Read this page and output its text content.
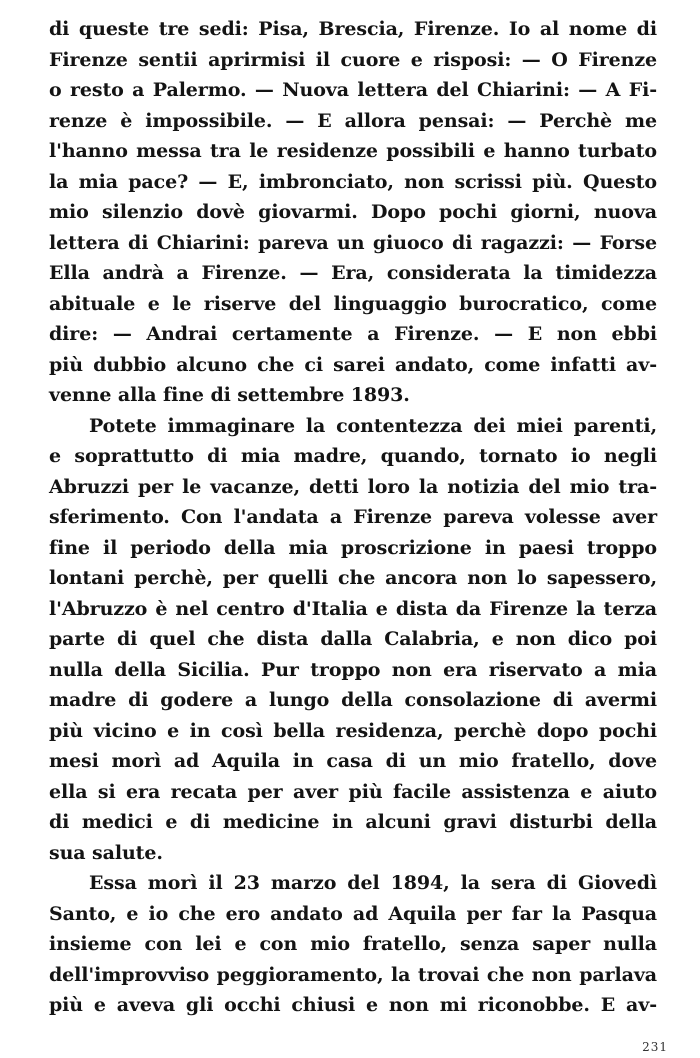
di queste tre sedi: Pisa, Brescia, Firenze. Io al nome di
Firenze sentii aprirmisi il cuore e risposi: — O Firenze
o resto a Palermo. — Nuova lettera del Chiarini: — A Fi-
renze è impossibile. — E allora pensai: — Perchè me
l'hanno messa tra le residenze possibili e hanno turbato
la mia pace? — E, imbronciato, non scrissi più. Questo
mio silenzio dovè giovarmi. Dopo pochi giorni, nuova
lettera di Chiarini: pareva un giuoco di ragazzi: — Forse
Ella andrà a Firenze. — Era, considerata la timidezza
abituale e le riserve del linguaggio burocratico, come
dire: — Andrai certamente a Firenze. — E non ebbi
più dubbio alcuno che ci sarei andato, come infatti av-
venne alla fine di settembre 1893.
Potete immaginare la contentezza dei miei parenti,
e soprattutto di mia madre, quando, tornato io negli
Abruzzi per le vacanze, detti loro la notizia del mio tra-
sferimento. Con l'andata a Firenze pareva volesse aver
fine il periodo della mia proscrizione in paesi troppo
lontani perchè, per quelli che ancora non lo sapessero,
l'Abruzzo è nel centro d'Italia e dista da Firenze la terza
parte di quel che dista dalla Calabria, e non dico poi
nulla della Sicilia. Pur troppo non era riservato a mia
madre di godere a lungo della consolazione di avermi
più vicino e in così bella residenza, perchè dopo pochi
mesi morì ad Aquila in casa di un mio fratello, dove
ella si era recata per aver più facile assistenza e aiuto
di medici e di medicine in alcuni gravi disturbi della
sua salute.
Essa morì il 23 marzo del 1894, la sera di Giovedì
Santo, e io che ero andato ad Aquila per far la Pasqua
insieme con lei e con mio fratello, senza saper nulla
dell'improvviso peggioramento, la trovai che non parlava
più e aveva gli occhi chiusi e non mi riconobbe. E av-
231
